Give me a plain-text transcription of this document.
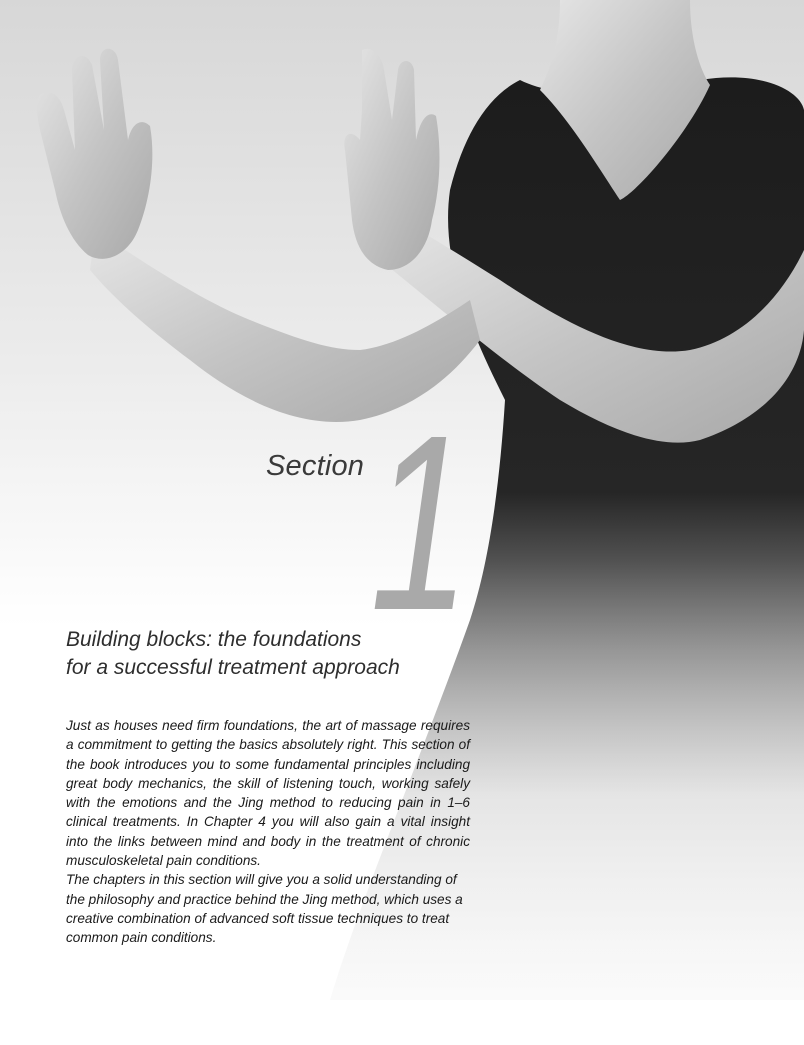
Section 1
Building blocks: the foundations
for a successful treatment approach

Just as houses need firm foundations, the art of massage requires a commitment to getting the basics absolutely right. This section of the book introduces you to some fundamental principles including great body mechanics, the skill of listening touch, working safely with the emotions and the Jing method to reducing pain in 1–6 clinical treatments. In Chapter 4 you will also gain a vital insight into the links between mind and body in the treatment of chronic musculoskeletal pain conditions.

The chapters in this section will give you a solid understanding of the philosophy and practice behind the Jing method, which uses a creative combination of advanced soft tissue techniques to treat common pain conditions.
